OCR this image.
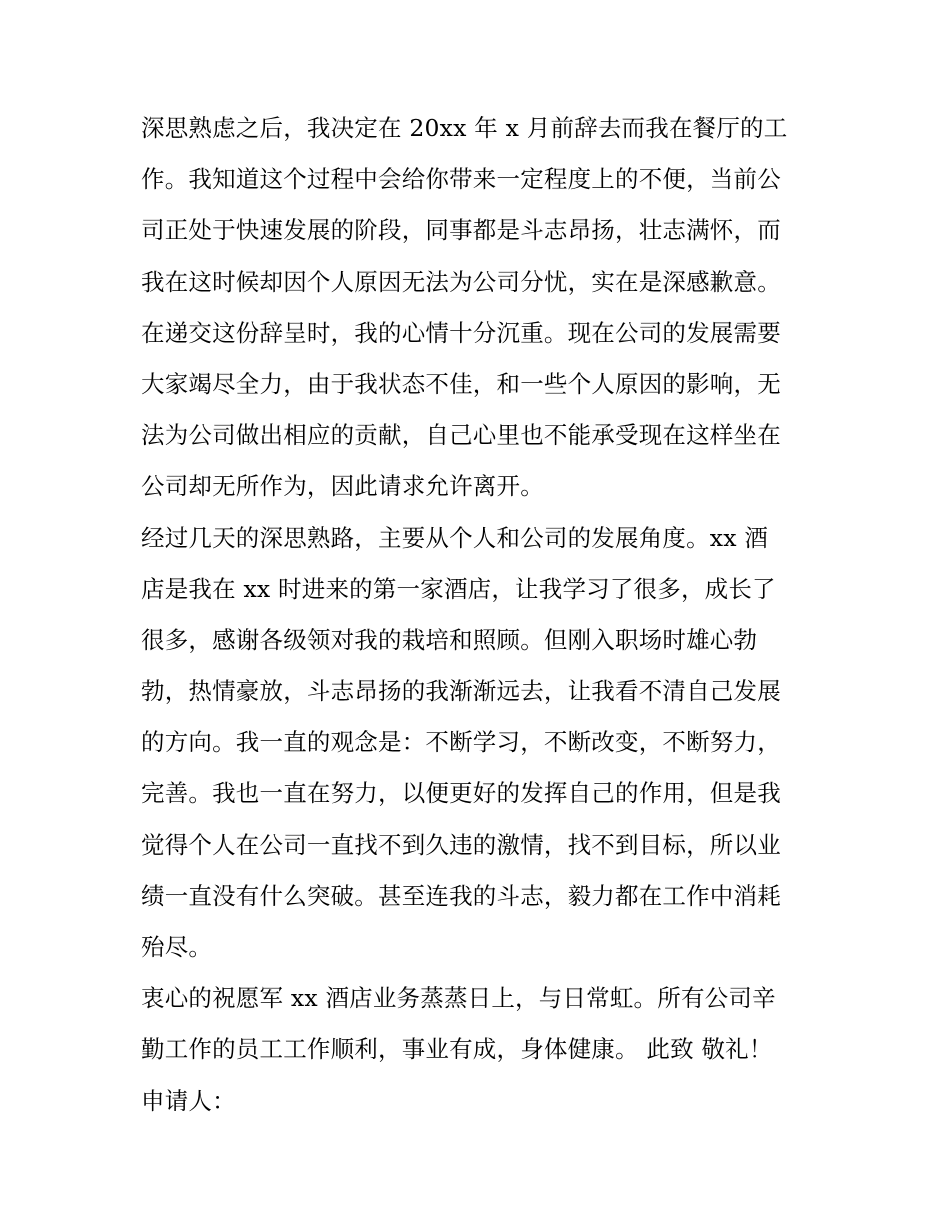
深思熟虑之后，我决定在 20xx 年 x 月前辞去而我在餐厅的工
作。我知道这个过程中会给你带来一定程度上的不便，当前公
司正处于快速发展的阶段，同事都是斗志昂扬，壮志满怀，而
我在这时候却因个人原因无法为公司分忧，实在是深感歉意。
在递交这份辞呈时，我的心情十分沉重。现在公司的发展需要
大家竭尽全力，由于我状态不佳，和一些个人原因的影响，无
法为公司做出相应的贡献，自己心里也不能承受现在这样坐在
公司却无所作为，因此请求允许离开。
经过几天的深思熟路，主要从个人和公司的发展角度。xx 酒
店是我在 xx 时进来的第一家酒店，让我学习了很多，成长了
很多，感谢各级领对我的栽培和照顾。但刚入职场时雄心勃
勃，热情豪放，斗志昂扬的我渐渐远去，让我看不清自己发展
的方向。我一直的观念是：不断学习，不断改变，不断努力，
完善。我也一直在努力，以便更好的发挥自己的作用，但是我
觉得个人在公司一直找不到久违的激情，找不到目标，所以业
绩一直没有什么突破。甚至连我的斗志，毅力都在工作中消耗
殆尽。
衷心的祝愿军 xx 酒店业务蒸蒸日上，与日常虹。所有公司辛
勤工作的员工工作顺利，事业有成，身体健康。 此致 敬礼！
申请人：
